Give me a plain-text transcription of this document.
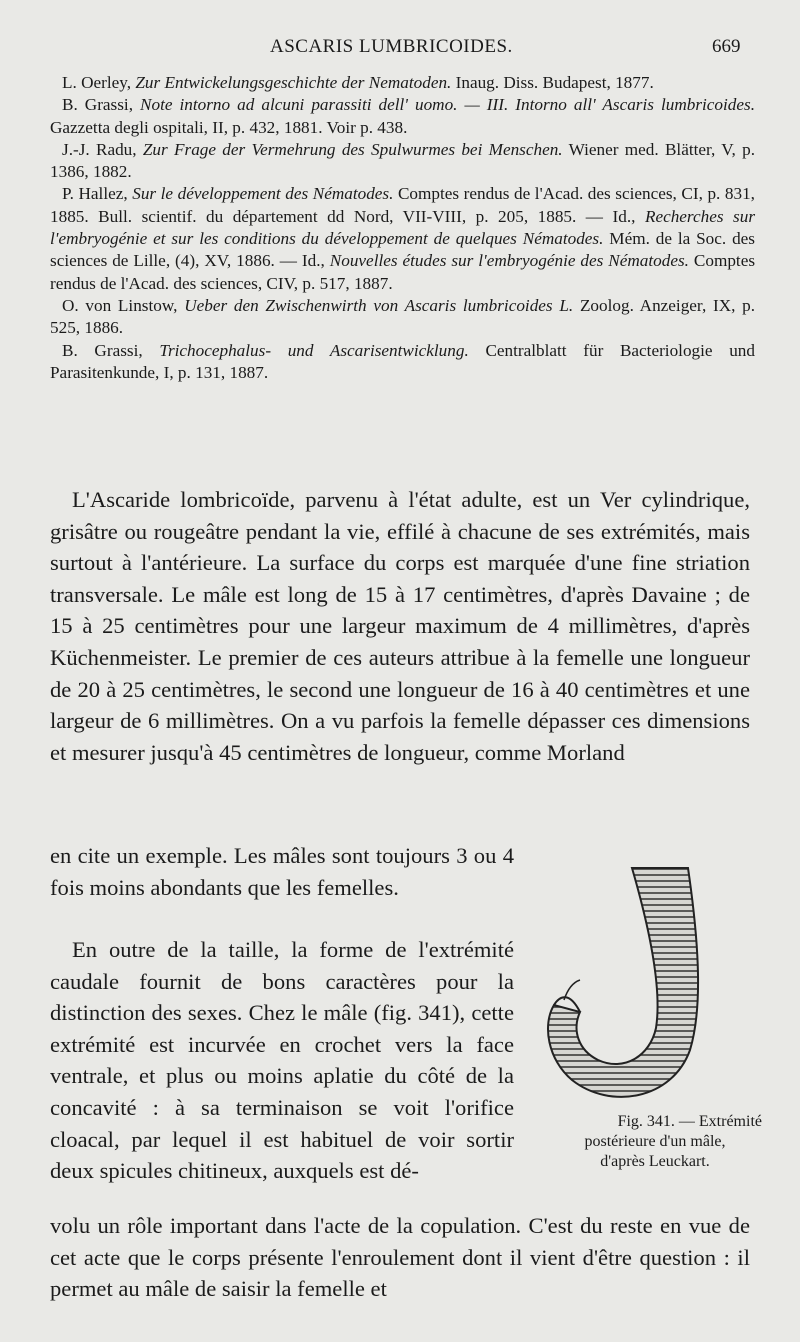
ASCARIS LUMBRICOIDES.	669

L. Oerley, Zur Entwickelungsgeschichte der Nematoden. Inaug. Diss. Budapest, 1877.

B. Grassi, Note intorno ad alcuni parassiti dell' uomo. — III. Intorno all' Ascaris lumbricoides. Gazzetta degli ospitali, II, p. 432, 1881. Voir p. 438.

J.-J. Radu, Zur Frage der Vermehrung des Spulwurmes bei Menschen. Wiener med. Blätter, V, p. 1386, 1882.

P. Hallez, Sur le développement des Nématodes. Comptes rendus de l'Acad. des sciences, CI, p. 831, 1885. Bull. scientif. du département dd Nord, VII-VIII, p. 205, 1885. — Id., Recherches sur l'embryogénie et sur les conditions du développement de quelques Nématodes. Mém. de la Soc. des sciences de Lille, (4), XV, 1886. — Id., Nouvelles études sur l'embryogénie des Nématodes. Comptes rendus de l'Acad. des sciences, CIV, p. 517, 1887.

O. von Linstow, Ueber den Zwischenwirth von Ascaris lumbricoides L. Zoolog. Anzeiger, IX, p. 525, 1886.

B. Grassi, Trichocephalus- und Ascarisentwicklung. Centralblatt für Bacteriologie und Parasitenkunde, I, p. 131, 1887.

L'Ascaride lombricoïde, parvenu à l'état adulte, est un Ver cylindrique, grisâtre ou rougeâtre pendant la vie, effilé à chacune de ses extrémités, mais surtout à l'antérieure. La surface du corps est marquée d'une fine striation transversale. Le mâle est long de 15 à 17 centimètres, d'après Davaine ; de 15 à 25 centimètres pour une largeur maximum de 4 millimètres, d'après Küchenmeister. Le premier de ces auteurs attribue à la femelle une longueur de 20 à 25 centimètres, le second une longueur de 16 à 40 centimètres et une largeur de 6 millimètres. On a vu parfois la femelle dépasser ces dimensions et mesurer jusqu'à 45 centimètres de longueur, comme Morland

en cite un exemple. Les mâles sont toujours 3 ou 4 fois moins abondants que les femelles.

En outre de la taille, la forme de l'extrémité caudale fournit de bons caractères pour la distinction des sexes. Chez le mâle (fig. 341), cette extrémité est incurvée en crochet vers la face ventrale, et plus ou moins aplatie du côté de la concavité : à sa terminaison se voit l'orifice cloacal, par lequel il est habituel de voir sortir deux spicules chitineux, auxquels est dé-

Fig. 341. — Extrémité
postérieure d'un mâle,
d'après Leuckart.

volu un rôle important dans l'acte de la copulation. C'est du reste en vue de cet acte que le corps présente l'enroulement dont il vient d'être question : il permet au mâle de saisir la femelle et
